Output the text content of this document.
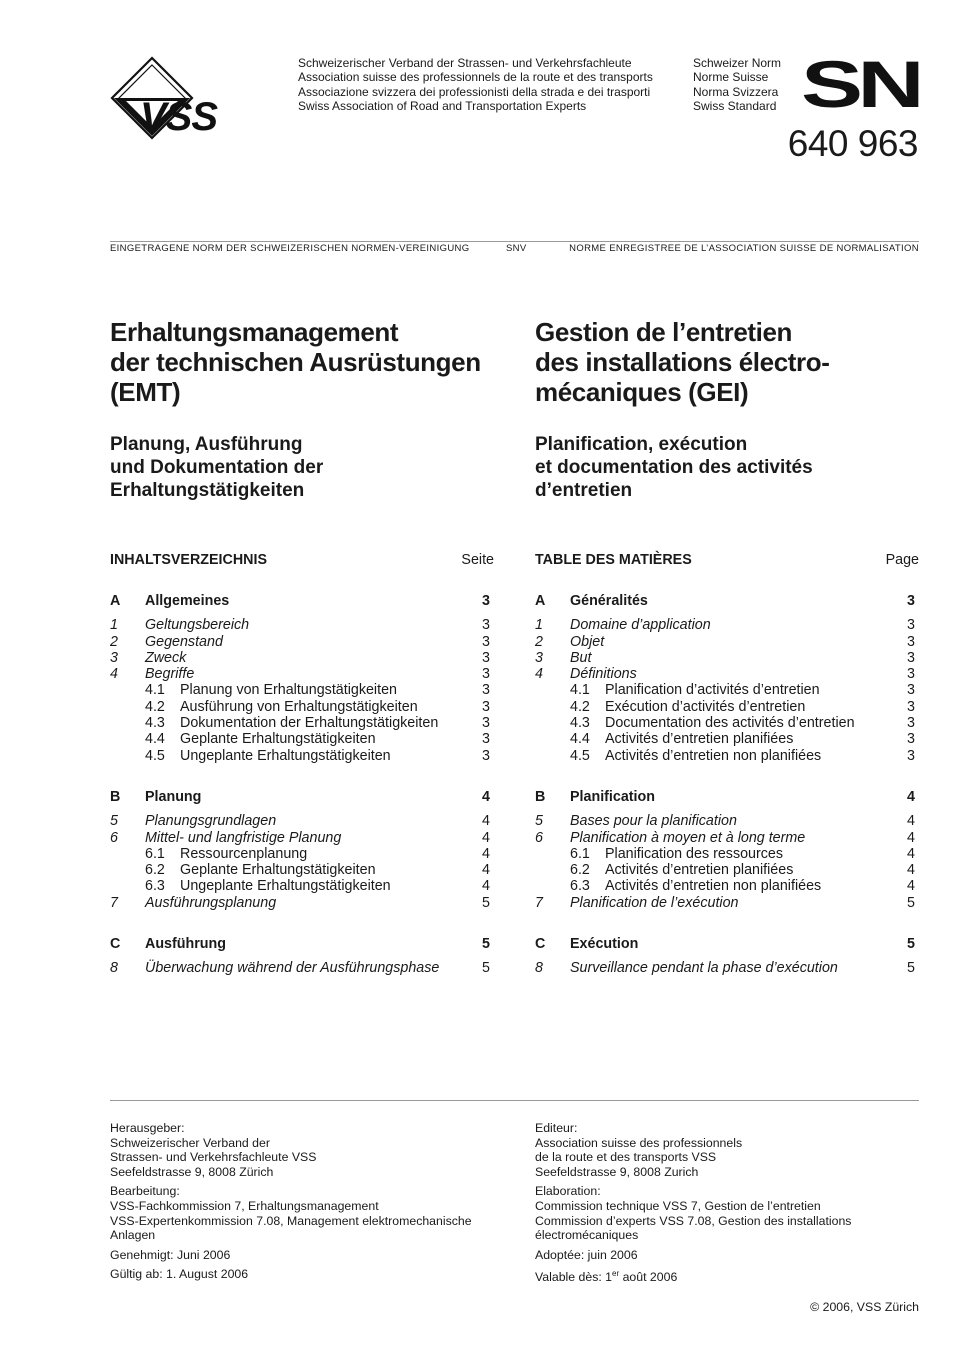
VSS
Schweizerischer Verband der Strassen- und Verkehrsfachleute
Association suisse des professionnels de la route et des transports
Associazione svizzera dei professionisti della strada e dei trasporti
Swiss Association of Road and Transportation Experts
Schweizer Norm
Norme Suisse
Norma Svizzera
Swiss Standard SN
640 963
EINGETRAGENE NORM DER SCHWEIZERISCHEN NORMEN-VEREINIGUNG	SNV	NORME ENREGISTREE DE L’ASSOCIATION SUISSE DE NORMALISATION
Erhaltungsmanagement
der technischen Ausrüstungen
(EMT)
Planung, Ausführung
und Dokumentation der
Erhaltungstätigkeiten
INHALTSVERZEICHNIS	Seite
A Allgemeines	3
1 Geltungsbereich	3
2 Gegenstand	3
3 Zweck	3
4 Begriffe	3
4.1 Planung von Erhaltungstätigkeiten	3
4.2 Ausführung von Erhaltungstätigkeiten	3
4.3 Dokumentation der Erhaltungstätigkeiten	3
4.4 Geplante Erhaltungstätigkeiten	3
4.5 Ungeplante Erhaltungstätigkeiten	3
B Planung	4
5 Planungsgrundlagen	4
6 Mittel- und langfristige Planung	4
6.1 Ressourcenplanung	4
6.2 Geplante Erhaltungstätigkeiten	4
6.3 Ungeplante Erhaltungstätigkeiten	4
7 Ausführungsplanung	5
C Ausführung	5
8 Überwachung während der Ausführungsphase	5
Gestion de l’entretien
des installations électro-
mécaniques (GEI)
Planification, exécution
et documentation des activités
d’entretien
TABLE DES MATIÈRES	Page
A Généralités	3
1 Domaine d’application	3
2 Objet	3
3 But	3
4 Définitions	3
4.1 Planification d’activités d’entretien	3
4.2 Exécution d’activités d’entretien	3
4.3 Documentation des activités d’entretien	3
4.4 Activités d’entretien planifiées	3
4.5 Activités d’entretien non planifiées	3
B Planification	4
5 Bases pour la planification	4
6 Planification à moyen et à long terme	4
6.1 Planification des ressources	4
6.2 Activités d’entretien planifiées	4
6.3 Activités d’entretien non planifiées	4
7 Planification de l’exécution	5
C Exécution	5
8 Surveillance pendant la phase d’exécution	5
Herausgeber:
Schweizerischer Verband der
Strassen- und Verkehrsfachleute VSS
Seefeldstrasse 9, 8008 Zürich
Bearbeitung:
VSS-Fachkommission 7, Erhaltungsmanagement
VSS-Expertenkommission 7.08, Management elektromechanische
Anlagen
Genehmigt: Juni 2006
Gültig ab: 1. August 2006
Editeur:
Association suisse des professionnels
de la route et des transports VSS
Seefeldstrasse 9, 8008 Zurich
Elaboration:
Commission technique VSS 7, Gestion de l’entretien
Commission d’experts VSS 7.08, Gestion des installations
électromécaniques
Adoptée: juin 2006
Valable dès: 1er août 2006
© 2006, VSS Zürich
